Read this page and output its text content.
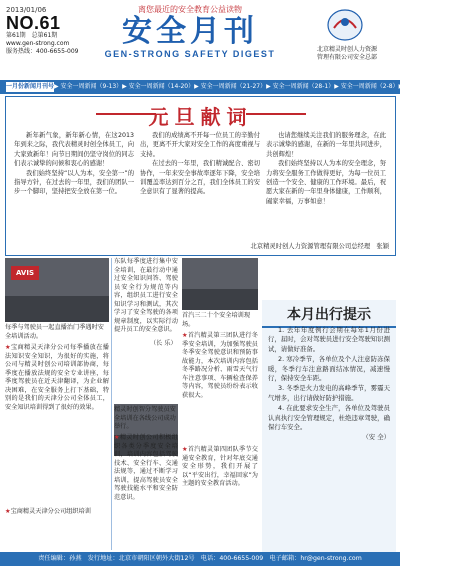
2013/01/06
NO.61
第61期　总第61期
www.gen-strong.com
服务热线：400-6655-009
离您最近的安全教育公益读物
安全月刊
GEN-STRONG SAFETY DIGEST	北京精灵时创人力资源
管理有限公司安全总部
一月份新闻月刊号 ▶ 安全一周新闻（9-13） ▶ 安全一周新闻（14-20） ▶ 安全一周新闻（21-27） ▶ 安全一周新闻（28-1） ▶ 安全一周新闻（2-8） ▶ 安全一周新闻（9-5）
元旦献词

新年新气象，新年新心情，在这2013年到来之际，我代表精灵时创全体员工，向大家致新年！向节日期间仍坚守岗位的同志们表示诚挚的问候和衷心的感谢！

我们始终坚持“以人为本，安全第一”的指导方针，在过去的一年里，我们的团队一步一个脚印，坚持把安全放在第一位。

我们的成绩离不开每一位员工的辛勤付出，更离不开大家对安全工作的高度重视与支持。

在过去的一年里，我们精诚配合、密切协作，一年来安全事故率逐年下降，安全培训覆盖率达到百分之百，我们全体员工的安全意识有了显著的提高。

也请您继续关注我们的服务理念，在此表示诚挚的感谢，在新的一年里共同进步，共创辉煌！

我们始终坚持以人为本的安全理念，努力将安全服务工作做得更好，为每一位员工创造一个安全、健康的工作环境。最后，祝愿大家在新的一年里身体健康，工作顺利，阖家幸福，万事如意！

北京精灵时创人力资源管理有限公司总经理　张颖
AVIS
每季与驾驶员一起直播治门季遇时安全培训活动。
★宝商精灵天津分公司每季播放在播法知识安全知识，为很好的实施，将公司与精灵时创公司培训部协商，每季度在播放法规的安全专业讲座，每季度驾驶员在近天津翻译，为企业解决困难，在安全服务上打下基础，特别的是我们的天津分公司全体员工，安全知识培训得到了很好的效果。
★宝商精灵天津分公司组织培训
东队每季度进行集中安全培训，在最行动中通过安全知识问答、驾驶员安全行为规范等内容，组织员工进行安全知识学习和测试，其次学习了安全驾驶的各项规章制度，以实际行动提升员工的安全意识。
（长 乐）
首汽三二十个安全培训现场。
★首汽精灵第三团队进行冬季安全培训，为加强驾驶员冬季安全驾驶意识和预防事故能力，本次培训内容包括冬季路况分析、雨雪天气行车注意事项、车辆检查保养等内容，驾驶员纷纷表示收获很大。
精灵时创智分驾驶员安全培训在各线公司成功举行。
★精灵时创公司积极组织各类分季度安全培训，培训内容包括驾驶技术、安全行车、交通法规等，通过不断学习培训，提高驾驶员安全驾驶技能水平和安全防范意识。
★首汽精灵第四团队季节交通安全教育，针对年底交通安全形势，我们开展了以“平安出行，幸福回家”为主题的安全教育活动。
本月出行提示

1. 去年年度例行会期在每年1月份进行，届时，会对驾驶员进行安全驾驶知识测试，请做好准备。

2. 寒冷季节，各单位及个人注意防冻保暖，冬季行车注意路面结冰情况，减速慢行，保持安全车距。

3. 冬季是火力发电的高峰季节，雾霾天气增多，出行请做好防护措施。

4. 在此要求安全生产，各单位及驾驶员认真执行安全管理规定，杜绝违章驾驶，确保行车安全。

（安 全）
责任编辑：孙燕　发行地址：北京市朝阳区朝外大街12号　电话：400-6655-009　电子邮箱：hr@gen-strong.com
